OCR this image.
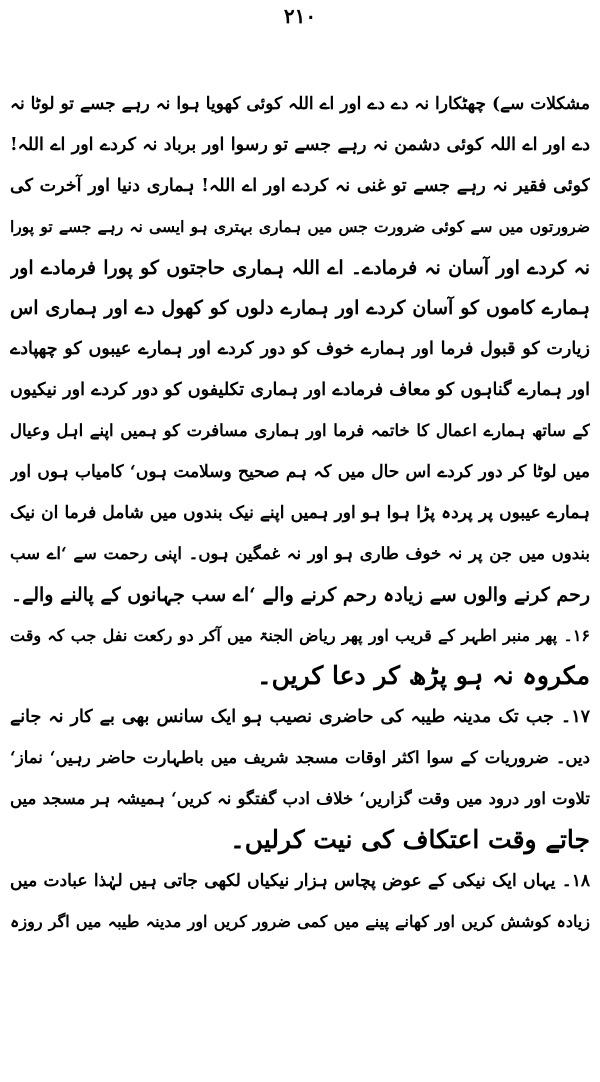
۲۱۰
مشکلات سے) چھٹکارا نہ دے دے اور اے اللہ کوئی کھویا ہوا نہ رہے جسے تو لوٹا نہ
دے اور اے اللہ کوئی دشمن نہ رہے جسے تو رسوا اور برباد نہ کردے اور اے اللہ!
کوئی فقیر نہ رہے جسے تو غنی نہ کردے اور اے اللہ! ہماری دنیا اور آخرت کی
ضرورتوں میں سے کوئی ضرورت جس میں ہماری بہتری ہو ایسی نہ رہے جسے تو پورا
نہ کردے اور آسان نہ فرمادے۔ اے اللہ ہماری حاجتوں کو پورا فرمادے اور
ہمارے کاموں کو آسان کردے اور ہمارے دلوں کو کھول دے اور ہماری اس
زیارت کو قبول فرما اور ہمارے خوف کو دور کردے اور ہمارے عیبوں کو چھپادے
اور ہمارے گناہوں کو معاف فرمادے اور ہماری تکلیفوں کو دور کردے اور نیکیوں
کے ساتھ ہمارے اعمال کا خاتمہ فرما اور ہماری مسافرت کو ہمیں اپنے اہل وعیال
میں لوٹا کر دور کردے اس حال میں کہ ہم صحیح وسلامت ہوں‘ کامیاب ہوں اور
ہمارے عیبوں پر پردہ پڑا ہوا ہو اور ہمیں اپنے نیک بندوں میں شامل فرما ان نیک
بندوں میں جن پر نہ خوف طاری ہو اور نہ غمگین ہوں۔ اپنی رحمت سے ‘اے سب
رحم کرنے والوں سے زیادہ رحم کرنے والے ‘اے سب جہانوں کے پالنے والے۔
۱۶۔ پھر منبر اطہر کے قریب اور پھر ریاض الجنۃ میں آکر دو رکعت نفل جب کہ وقت
مکروہ نہ ہو پڑھ کر دعا کریں۔
۱۷۔ جب تک مدینہ طیبہ کی حاضری نصیب ہو ایک سانس بھی بے کار نہ جانے
دیں۔ ضروریات کے سوا اکثر اوقات مسجد شریف میں باطہارت حاضر رہیں‘ نماز‘
تلاوت اور درود میں وقت گزاریں‘ خلاف ادب گفتگو نہ کریں‘ ہمیشہ ہر مسجد میں
جاتے وقت اعتکاف کی نیت کرلیں۔
۱۸۔ یہاں ایک نیکی کے عوض پچاس ہزار نیکیاں لکھی جاتی ہیں لہٰذا عبادت میں
زیادہ کوشش کریں اور کھانے پینے میں کمی ضرور کریں اور مدینہ طیبہ میں اگر روزہ
